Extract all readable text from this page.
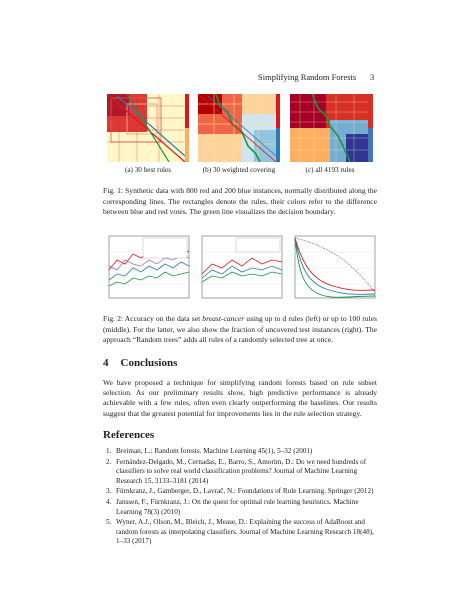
Simplifying Random Forests 3
(a) 30 best rules	(b) 30 weighted covering	(c) all 4193 rules
Fig. 1: Synthetic data with 800 red and 200 blue instances, normally distributed along the corresponding lines. The rectangles denote the rules, their colors refer to the difference between blue and red votes. The green line visualizes the decision boundary.
Fig. 2: Accuracy on the data set breast-cancer using up to d rules (left) or up to 100 rules (middle). For the latter, we also show the fraction of uncovered test instances (right). The approach “Random trees” adds all rules of a randomly selected tree at once.
4 Conclusions
We have proposed a technique for simplifying random forests based on rule subset selection. As our preliminary results show, high predictive performance is already achievable with a few rules, often even clearly outperforming the baselines. Our results suggest that the greatest potential for improvements lies in the rule selection strategy.
References
1. Breiman, L.: Random forests. Machine Learning 45(1), 5–32 (2001)
2. Fernández-Delgado, M., Cernadas, E., Barro, S., Amorim, D.: Do we need hundreds of classifiers to solve real world classification problems? Journal of Machine Learning Research 15, 3133–3181 (2014)
3. Fürnkranz, J., Gamberger, D., Lavrač, N.: Foundations of Rule Learning. Springer (2012)
4. Janssen, F., Fürnkranz, J.: On the quest for optimal rule learning heuristics. Machine Learning 78(3) (2010)
5. Wyner, A.J., Olson, M., Bleich, J., Mease, D.: Explaining the success of AdaBoost and random forests as interpolating classifiers. Journal of Machine Learning Research 18(48), 1–33 (2017)
